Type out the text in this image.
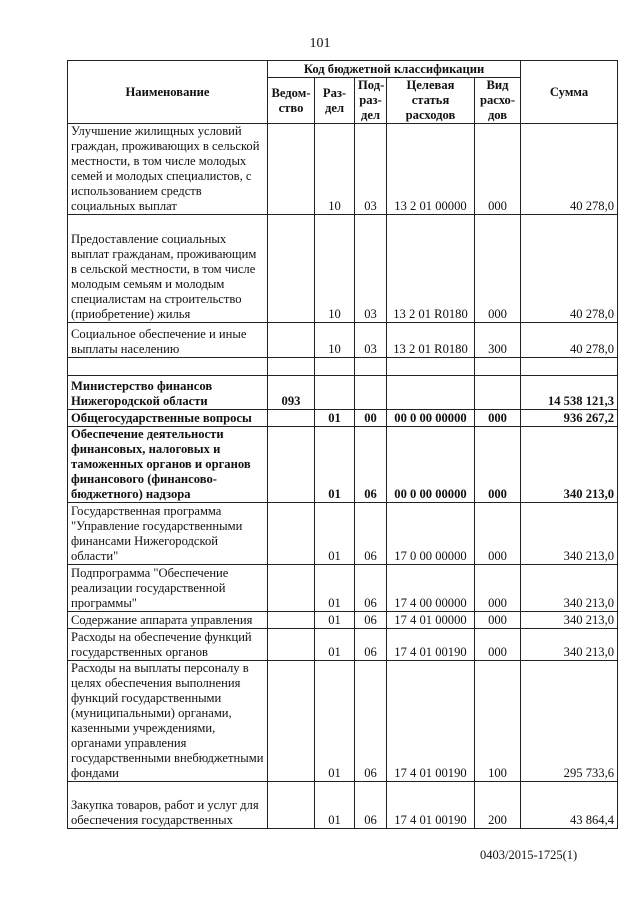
101
Наименование	Код бюджетной классификации					Сумма
	Ведом-ство	Раз-дел	Под-раз-дел	Целевая статья расходов	Вид расхо-дов	
Улучшение жилищных условий граждан, проживающих в сельской местности, в том числе молодых семей и молодых специалистов, с использованием средств социальных выплат		10	03	13 2 01 00000	000	40 278,0
Предоставление социальных выплат гражданам, проживающим в сельской местности, в том числе молодым семьям и молодым специалистам на строительство (приобретение) жилья		10	03	13 2 01 R0180	000	40 278,0
Социальное обеспечение и иные выплаты населению		10	03	13 2 01 R0180	300	40 278,0

Министерство финансов Нижегородской области	093					14 538 121,3
Общегосударственные вопросы		01	00	00 0 00 00000	000	936 267,2
Обеспечение деятельности финансовых, налоговых и таможенных органов и органов финансового (финансово-бюджетного) надзора		01	06	00 0 00 00000	000	340 213,0
Государственная программа "Управление государственными финансами Нижегородской области"		01	06	17 0 00 00000	000	340 213,0
Подпрограмма "Обеспечение реализации государственной программы"		01	06	17 4 00 00000	000	340 213,0
Содержание аппарата управления		01	06	17 4 01 00000	000	340 213,0
Расходы на обеспечение функций государственных органов		01	06	17 4 01 00190	000	340 213,0
Расходы на выплаты персоналу в целях обеспечения выполнения функций государственными (муниципальными) органами, казенными учреждениями, органами управления государственными внебюджетными фондами		01	06	17 4 01 00190	100	295 733,6
Закупка товаров, работ и услуг для обеспечения государственных		01	06	17 4 01 00190	200	43 864,4
0403/2015-1725(1)
